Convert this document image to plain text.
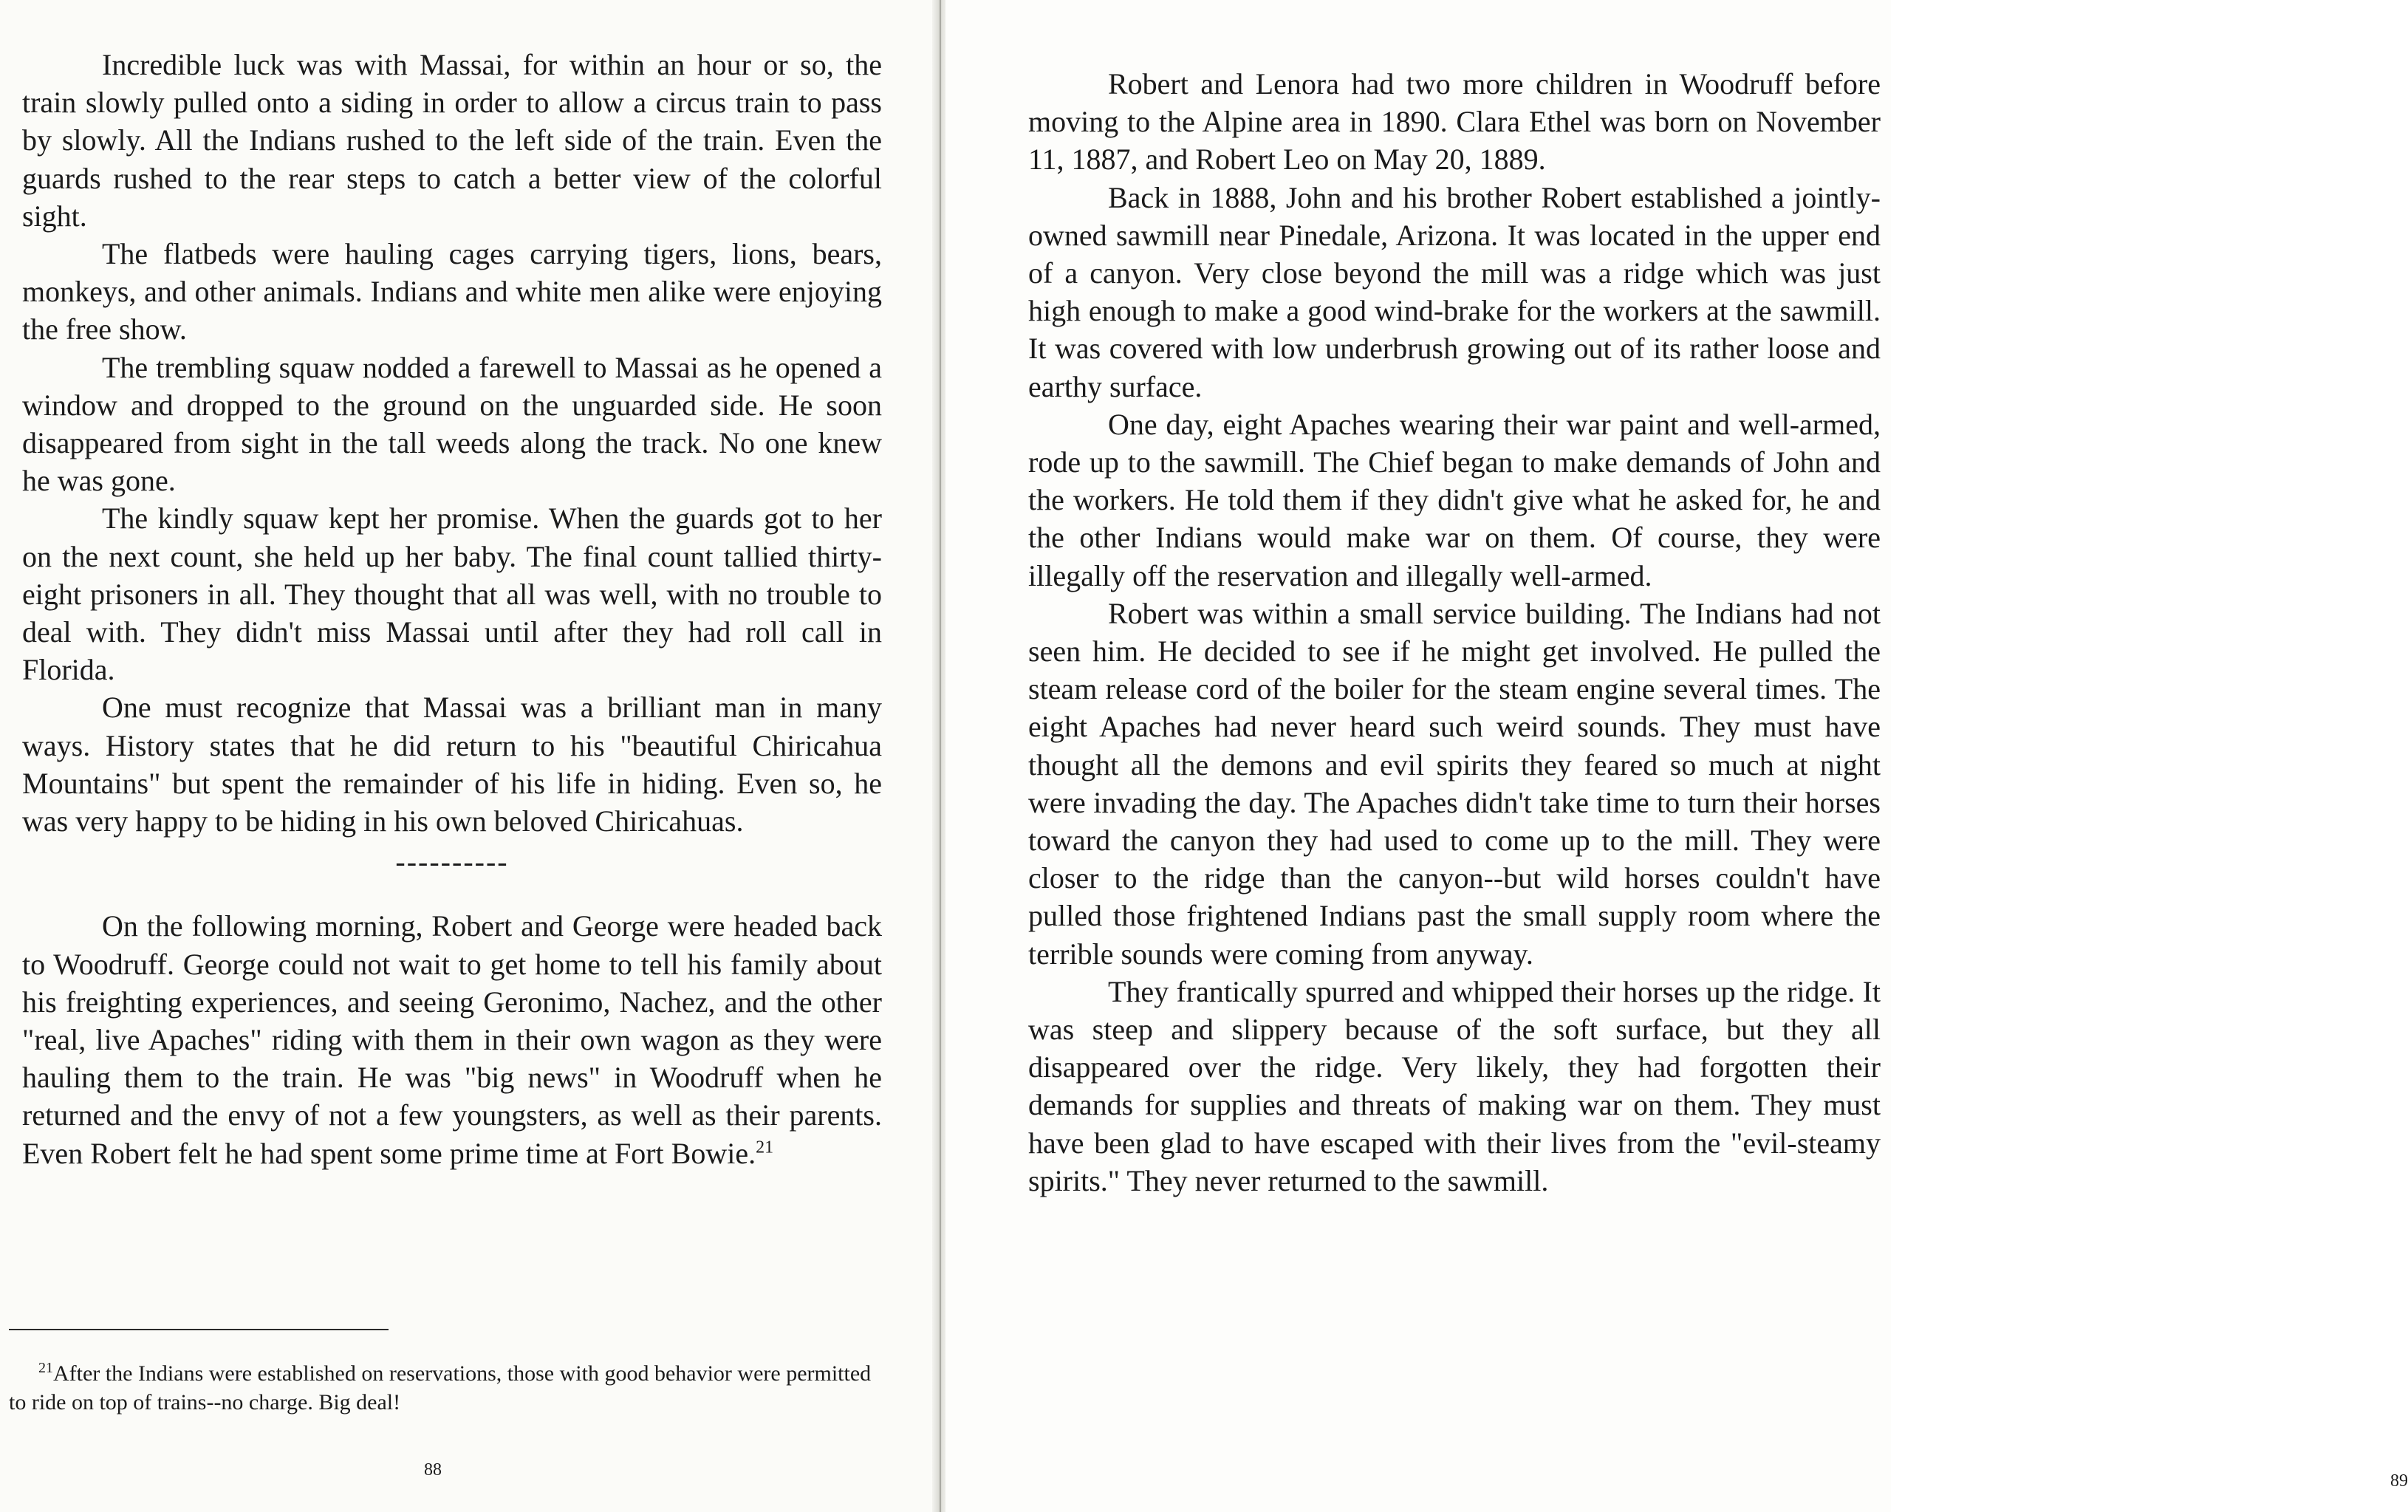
Incredible luck was with Massai, for within an hour or so, the train slowly pulled onto a siding in order to allow a circus train to pass by slowly. All the Indians rushed to the left side of the train. Even the guards rushed to the rear steps to catch a better view of the colorful sight.

The flatbeds were hauling cages carrying tigers, lions, bears, monkeys, and other animals. Indians and white men alike were enjoying the free show.

The trembling squaw nodded a farewell to Massai as he opened a window and dropped to the ground on the unguarded side. He soon disappeared from sight in the tall weeds along the track. No one knew he was gone.

The kindly squaw kept her promise. When the guards got to her on the next count, she held up her baby. The final count tallied thirty-eight prisoners in all. They thought that all was well, with no trouble to deal with. They didn't miss Massai until after they had roll call in Florida.

One must recognize that Massai was a brilliant man in many ways. History states that he did return to his "beautiful Chiricahua Mountains" but spent the remainder of his life in hiding. Even so, he was very happy to be hiding in his own beloved Chiricahuas.

----------

On the following morning, Robert and George were headed back to Woodruff. George could not wait to get home to tell his family about his freighting experiences, and seeing Geronimo, Nachez, and the other "real, live Apaches" riding with them in their own wagon as they were hauling them to the train. He was "big news" in Woodruff when he returned and the envy of not a few youngsters, as well as their parents. Even Robert felt he had spent some prime time at Fort Bowie.$^{21}$

$^{21}$After the Indians were established on reservations, those with good behavior were permitted to ride on top of trains--no charge. Big deal!

88
89

Robert and Lenora had two more children in Woodruff before moving to the Alpine area in 1890. Clara Ethel was born on November 11, 1887, and Robert Leo on May 20, 1889.

Back in 1888, John and his brother Robert established a jointly-owned sawmill near Pinedale, Arizona. It was located in the upper end of a canyon. Very close beyond the mill was a ridge which was just high enough to make a good wind-brake for the workers at the sawmill. It was covered with low underbrush growing out of its rather loose and earthy surface.

One day, eight Apaches wearing their war paint and well-armed, rode up to the sawmill. The Chief began to make demands of John and the workers. He told them if they didn't give what he asked for, he and the other Indians would make war on them. Of course, they were illegally off the reservation and illegally well-armed.

Robert was within a small service building. The Indians had not seen him. He decided to see if he might get involved. He pulled the steam release cord of the boiler for the steam engine several times. The eight Apaches had never heard such weird sounds. They must have thought all the demons and evil spirits they feared so much at night were invading the day. The Apaches didn't take time to turn their horses toward the canyon they had used to come up to the mill. They were closer to the ridge than the canyon--but wild horses couldn't have pulled those frightened Indians past the small supply room where the terrible sounds were coming from anyway.

They frantically spurred and whipped their horses up the ridge. It was steep and slippery because of the soft surface, but they all disappeared over the ridge. Very likely, they had forgotten their demands for supplies and threats of making war on them. They must have been glad to have escaped with their lives from the "evil-steamy spirits." They never returned to the sawmill.
